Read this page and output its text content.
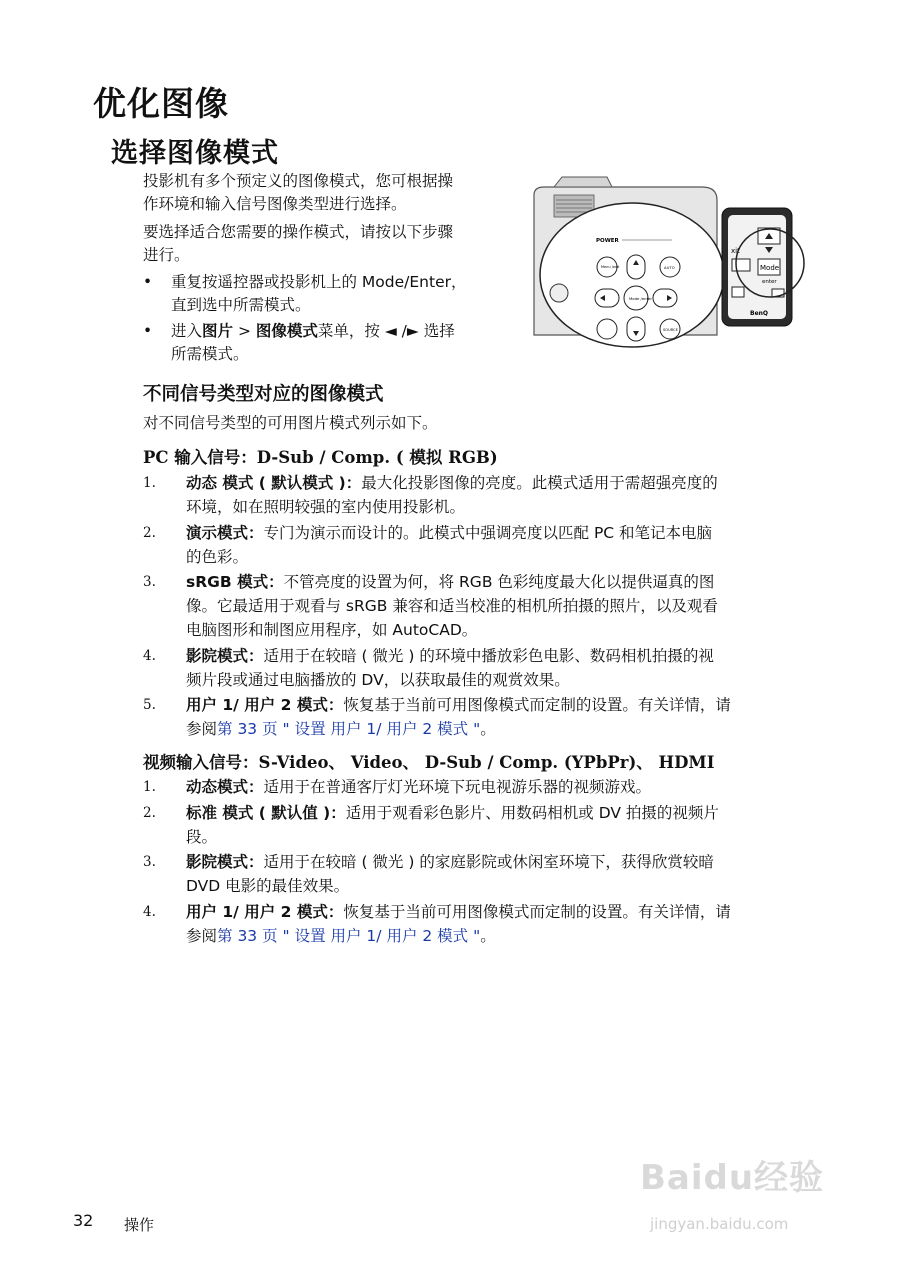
优化图像
选择图像模式
投影机有多个预定义的图像模式，您可根据操
作环境和输入信号图像类型进行选择。
要选择适合您需要的操作模式，请按以下步骤
进行。
•	重复按遥控器或投影机上的 Mode/Enter，
直到选中所需模式。
•	进入图片 > 图像模式菜单，按 ◄ /► 选择
所需模式。
POWER
Menu /exit	AUTO
Mode /enter
SOURCE
xit
Mode
enter
BenQ
不同信号类型对应的图像模式
对不同信号类型的可用图片模式列示如下。
PC 输入信号：D-Sub / Comp. ( 模拟 RGB)
1.	动态 模式 ( 默认模式 )：最大化投影图像的亮度。此模式适用于需超强亮度的
环境，如在照明较强的室内使用投影机。
2.	演示模式：专门为演示而设计的。此模式中强调亮度以匹配 PC 和笔记本电脑
的色彩。
3.	sRGB 模式：不管亮度的设置为何，将 RGB 色彩纯度最大化以提供逼真的图
像。它最适用于观看与 sRGB 兼容和适当校准的相机所拍摄的照片，以及观看
电脑图形和制图应用程序，如 AutoCAD。
4.	影院模式：适用于在较暗 ( 微光 ) 的环境中播放彩色电影、数码相机拍摄的视
频片段或通过电脑播放的 DV，以获取最佳的观赏效果。
5.	用户 1/ 用户 2 模式：恢复基于当前可用图像模式而定制的设置。有关详情，请
参阅第 33 页 " 设置 用户 1/ 用户 2 模式 "。
视频输入信号：S-Video、 Video、 D-Sub / Comp. (YPbPr)、 HDMI
1.	动态模式：适用于在普通客厅灯光环境下玩电视游乐器的视频游戏。
2.	标准 模式 ( 默认值 )：适用于观看彩色影片、用数码相机或 DV 拍摄的视频片
段。
3.	影院模式：适用于在较暗 ( 微光 ) 的家庭影院或休闲室环境下，获得欣赏较暗
DVD 电影的最佳效果。
4.	用户 1/ 用户 2 模式：恢复基于当前可用图像模式而定制的设置。有关详情，请
参阅第 33 页 " 设置 用户 1/ 用户 2 模式 "。
32 操作
Baidu经验
jingyan.baidu.com
